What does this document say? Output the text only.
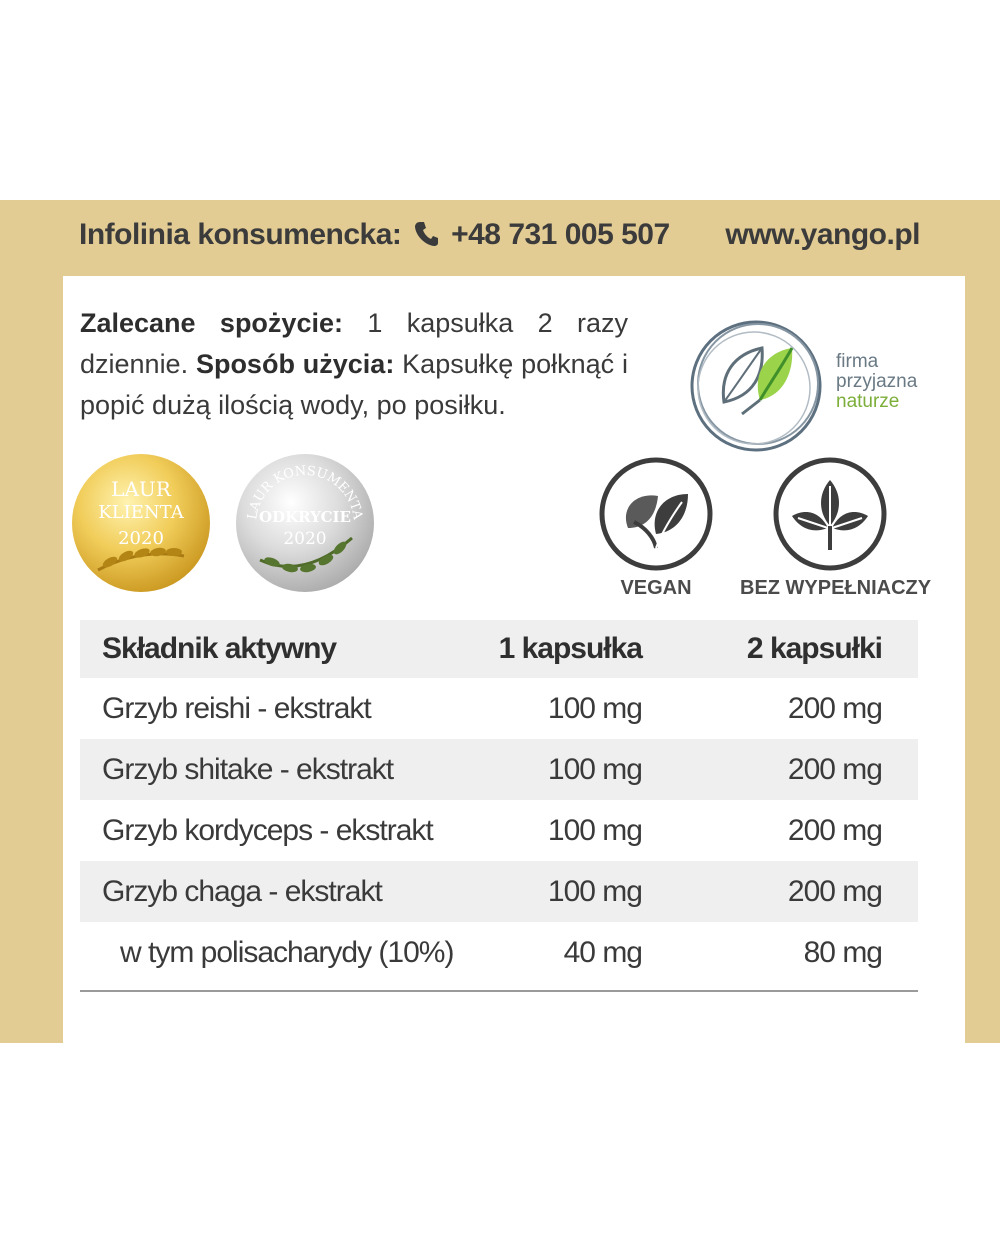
Infolinia konsumencka: +48 731 005 507 www.yango.pl
Zalecane spożycie: 1 kapsułka 2 razy dziennie. Sposób użycia: Kapsułkę połknąć i popić dużą ilością wody, po posiłku.
firma
przyjazna
naturze
LAUR
KLIENTA
2020
LAUR KONSUMENTA
ODKRYCIE
2020
VEGAN	BEZ WYPEŁNIACZY
Składnik aktywny	1 kapsułka	2 kapsułki
Grzyb reishi - ekstrakt	100 mg	200 mg
Grzyb shitake - ekstrakt	100 mg	200 mg
Grzyb kordyceps - ekstrakt	100 mg	200 mg
Grzyb chaga - ekstrakt	100 mg	200 mg
w tym polisacharydy (10%)	40 mg	80 mg
